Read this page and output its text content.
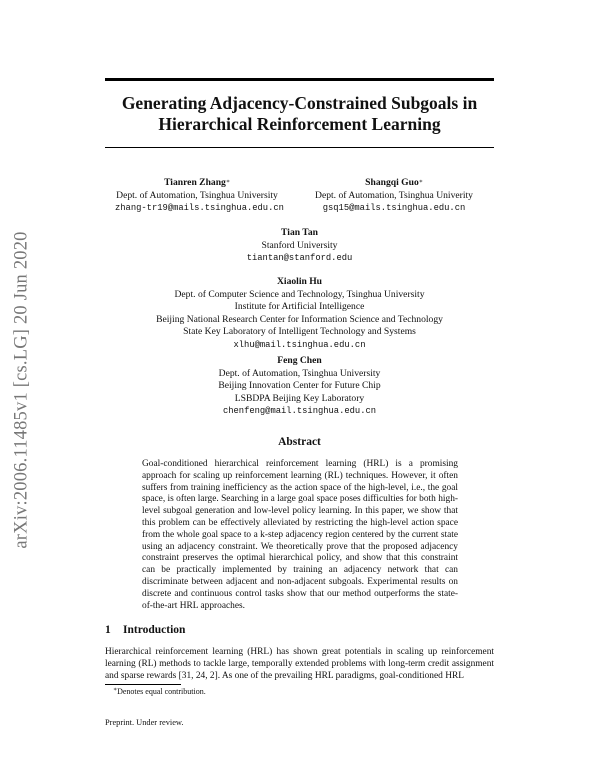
Generating Adjacency-Constrained Subgoals in
Hierarchical Reinforcement Learning
arXiv:2006.11485v1 [cs.LG] 20 Jun 2020
Tianren Zhang∗
Dept. of Automation, Tsinghua University
zhang-tr19@mails.tsinghua.edu.cn
Shangqi Guo∗
Dept. of Automation, Tsinghua Univerity
gsq15@mails.tsinghua.edu.cn
Tian Tan
Stanford University
tiantan@stanford.edu
Xiaolin Hu
Dept. of Computer Science and Technology, Tsinghua University
Institute for Artificial Intelligence
Beijing National Research Center for Information Science and Technology
State Key Laboratory of Intelligent Technology and Systems
xlhu@mail.tsinghua.edu.cn
Feng Chen
Dept. of Automation, Tsinghua University
Beijing Innovation Center for Future Chip
LSBDPA Beijing Key Laboratory
chenfeng@mail.tsinghua.edu.cn
Abstract
Goal-conditioned hierarchical reinforcement learning (HRL) is a promising approach for scaling up reinforcement learning (RL) techniques. However, it often suffers from training inefficiency as the action space of the high-level, i.e., the goal space, is often large. Searching in a large goal space poses difficulties for both high-level subgoal generation and low-level policy learning. In this paper, we show that this problem can be effectively alleviated by restricting the high-level action space from the whole goal space to a k-step adjacency region centered by the current state using an adjacency constraint. We theoretically prove that the proposed adjacency constraint preserves the optimal hierarchical policy, and show that this constraint can be practically implemented by training an adjacency network that can discriminate between adjacent and non-adjacent subgoals. Experimental results on discrete and continuous control tasks show that our method outperforms the state-of-the-art HRL approaches.
1 Introduction
Hierarchical reinforcement learning (HRL) has shown great potentials in scaling up reinforcement learning (RL) methods to tackle large, temporally extended problems with long-term credit assignment and sparse rewards [31, 24, 2]. As one of the prevailing HRL paradigms, goal-conditioned HRL
∗Denotes equal contribution.
Preprint. Under review.
